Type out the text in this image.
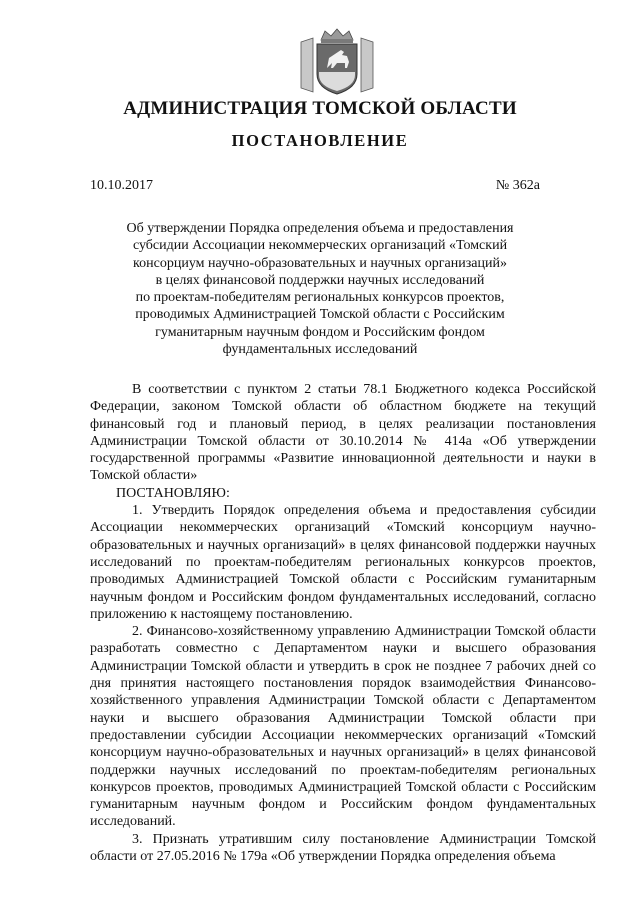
АДМИНИСТРАЦИЯ ТОМСКОЙ ОБЛАСТИ
ПОСТАНОВЛЕНИЕ
10.10.2017	№ 362а
Об утверждении Порядка определения объема и предоставления
субсидии Ассоциации некоммерческих организаций «Томский
консорциум научно-образовательных и научных организаций»
в целях финансовой поддержки научных исследований
по проектам-победителям региональных конкурсов проектов,
проводимых Администрацией Томской области с Российским
гуманитарным научным фондом и Российским фондом
фундаментальных исследований

В соответствии с пунктом 2 статьи 78.1 Бюджетного кодекса Российской Федерации, законом Томской области об областном бюджете на текущий финансовый год и плановый период, в целях реализации постановления Администрации Томской области от 30.10.2014 № 414а «Об утверждении государственной программы «Развитие инновационной деятельности и науки в Томской области»

ПОСТАНОВЛЯЮ:

1. Утвердить Порядок определения объема и предоставления субсидии Ассоциации некоммерческих организаций «Томский консорциум научно-образовательных и научных организаций» в целях финансовой поддержки научных исследований по проектам-победителям региональных конкурсов проектов, проводимых Администрацией Томской области с Российским гуманитарным научным фондом и Российским фондом фундаментальных исследований, согласно приложению к настоящему постановлению.

2. Финансово-хозяйственному управлению Администрации Томской области разработать совместно с Департаментом науки и высшего образования Администрации Томской области и утвердить в срок не позднее 7 рабочих дней со дня принятия настоящего постановления порядок взаимодействия Финансово-хозяйственного управления Администрации Томской области с Департаментом науки и высшего образования Администрации Томской области при предоставлении субсидии Ассоциации некоммерческих организаций «Томский консорциум научно-образовательных и научных организаций» в целях финансовой поддержки научных исследований по проектам-победителям региональных конкурсов проектов, проводимых Администрацией Томской области с Российским гуманитарным научным фондом и Российским фондом фундаментальных исследований.

3. Признать утратившим силу постановление Администрации Томской области от 27.05.2016 № 179а «Об утверждении Порядка определения объема
